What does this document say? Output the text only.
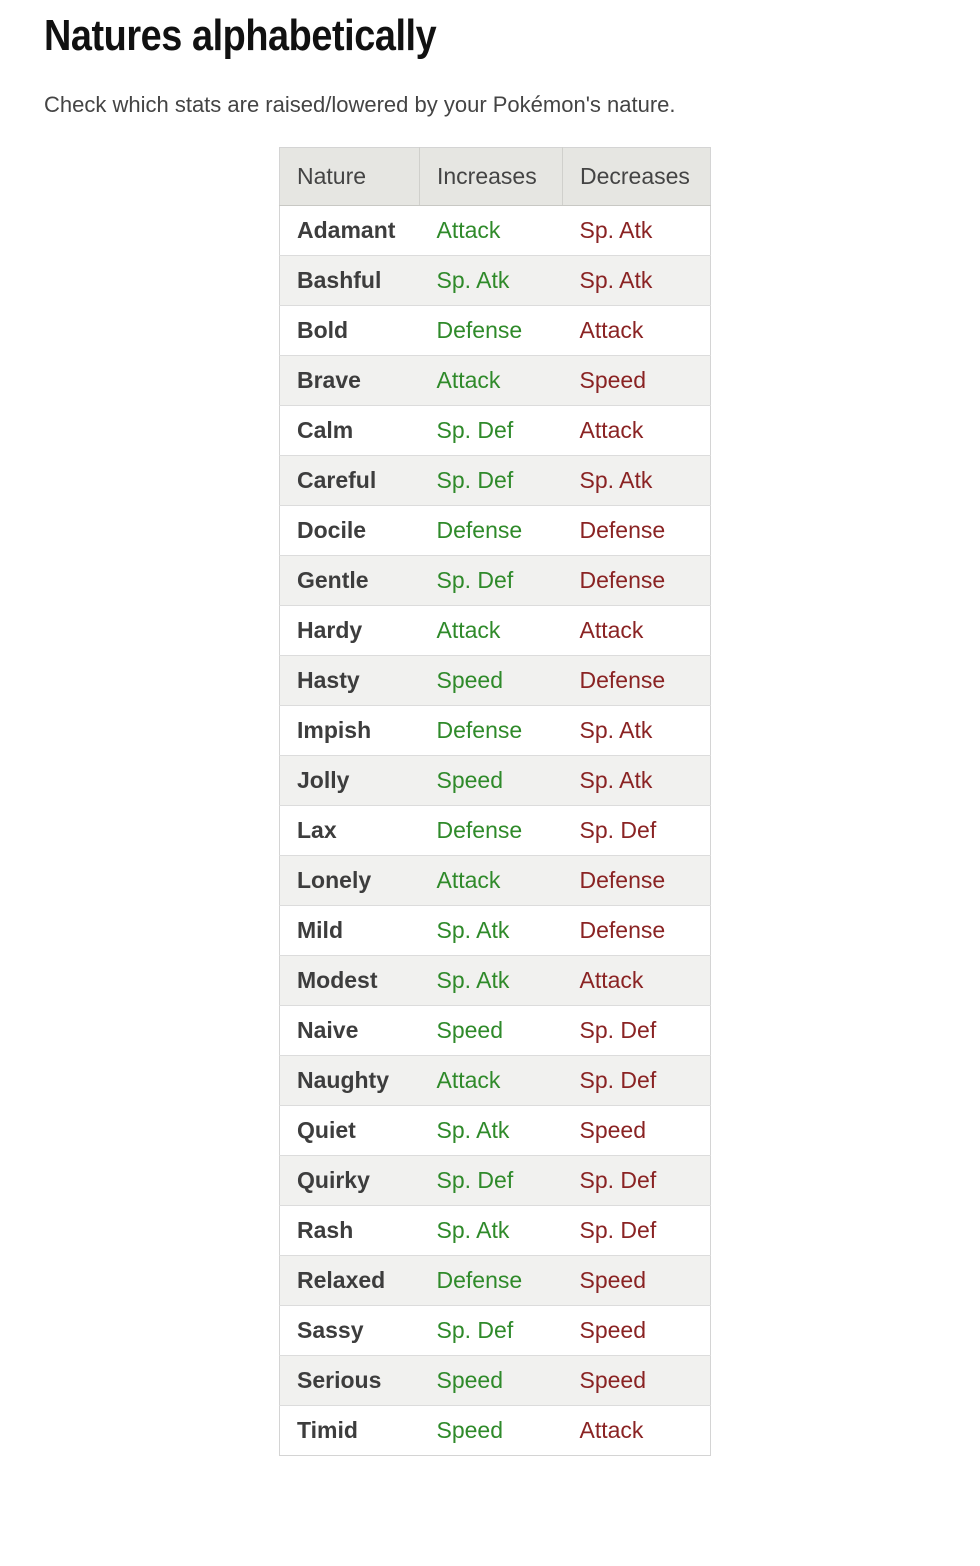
Natures alphabetically

Check which stats are raised/lowered by your Pokémon's nature.

Nature	Increases	Decreases
Adamant	Attack	Sp. Atk
Bashful	Sp. Atk	Sp. Atk
Bold	Defense	Attack
Brave	Attack	Speed
Calm	Sp. Def	Attack
Careful	Sp. Def	Sp. Atk
Docile	Defense	Defense
Gentle	Sp. Def	Defense
Hardy	Attack	Attack
Hasty	Speed	Defense
Impish	Defense	Sp. Atk
Jolly	Speed	Sp. Atk
Lax	Defense	Sp. Def
Lonely	Attack	Defense
Mild	Sp. Atk	Defense
Modest	Sp. Atk	Attack
Naive	Speed	Sp. Def
Naughty	Attack	Sp. Def
Quiet	Sp. Atk	Speed
Quirky	Sp. Def	Sp. Def
Rash	Sp. Atk	Sp. Def
Relaxed	Defense	Speed
Sassy	Sp. Def	Speed
Serious	Speed	Speed
Timid	Speed	Attack
